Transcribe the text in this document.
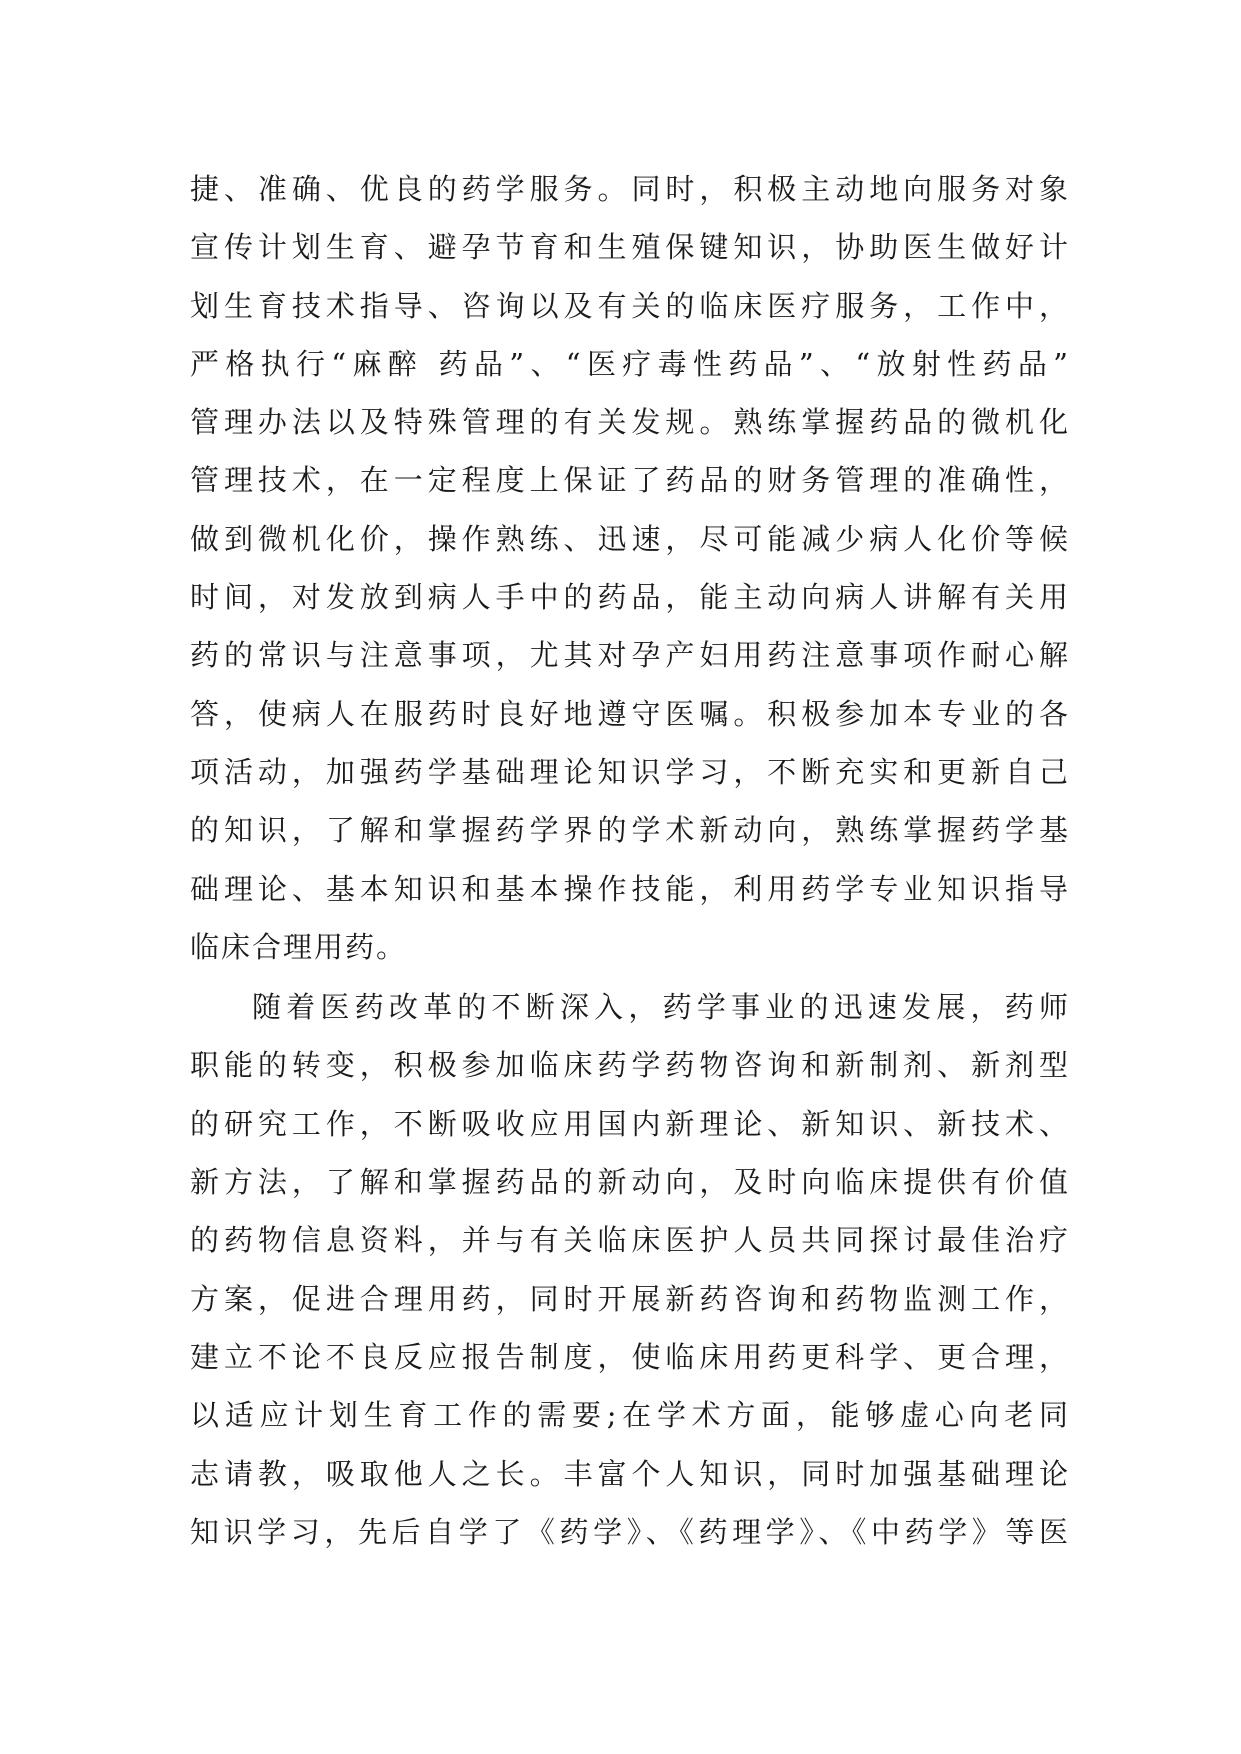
捷、准确、优良的药学服务。同时，积极主动地向服务对象
宣传计划生育、避孕节育和生殖保键知识，协助医生做好计
划生育技术指导、咨询以及有关的临床医疗服务，工作中，
严格执行“麻醉 药品”、“医疗毒性药品”、“放射性药品”
管理办法以及特殊管理的有关发规。熟练掌握药品的微机化
管理技术，在一定程度上保证了药品的财务管理的准确性，
做到微机化价，操作熟练、迅速，尽可能减少病人化价等候
时间，对发放到病人手中的药品，能主动向病人讲解有关用
药的常识与注意事项，尤其对孕产妇用药注意事项作耐心解
答，使病人在服药时良好地遵守医嘱。积极参加本专业的各
项活动，加强药学基础理论知识学习，不断充实和更新自己
的知识，了解和掌握药学界的学术新动向，熟练掌握药学基
础理论、基本知识和基本操作技能，利用药学专业知识指导
临床合理用药。
随着医药改革的不断深入，药学事业的迅速发展，药师
职能的转变，积极参加临床药学药物咨询和新制剂、新剂型
的研究工作，不断吸收应用国内新理论、新知识、新技术、
新方法，了解和掌握药品的新动向，及时向临床提供有价值
的药物信息资料，并与有关临床医护人员共同探讨最佳治疗
方案，促进合理用药，同时开展新药咨询和药物监测工作，
建立不论不良反应报告制度，使临床用药更科学、更合理，
以适应计划生育工作的需要;在学术方面，能够虚心向老同
志请教，吸取他人之长。丰富个人知识，同时加强基础理论
知识学习，先后自学了《药学》、《药理学》、《中药学》等医
